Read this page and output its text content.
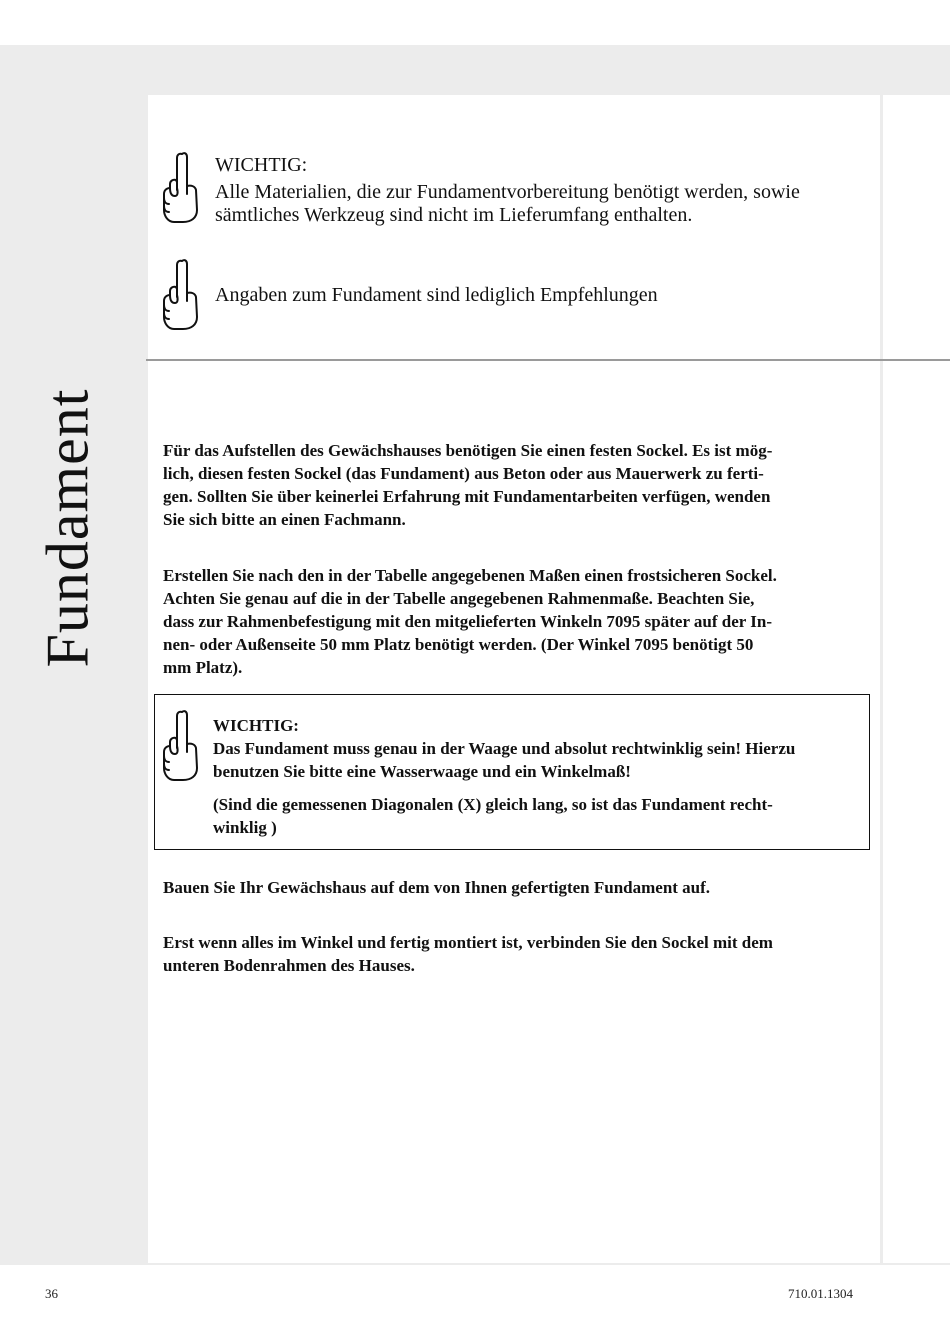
Fundament
WICHTIG:
Alle Materialien, die zur Fundamentvorbereitung benötigt werden, sowie
sämtliches Werkzeug sind nicht im Lieferumfang enthalten.
Angaben zum Fundament sind lediglich Empfehlungen
Für das Aufstellen des Gewächshauses benötigen Sie einen festen Sockel. Es ist mög-
lich, diesen festen Sockel (das Fundament) aus Beton oder aus Mauerwerk zu ferti-
gen. Sollten Sie über keinerlei Erfahrung mit Fundamentarbeiten verfügen, wenden
Sie sich bitte an einen Fachmann.
Erstellen Sie nach den in der Tabelle angegebenen Maßen einen frostsicheren Sockel.
Achten Sie genau auf die in der Tabelle angegebenen Rahmenmaße. Beachten Sie,
dass zur Rahmenbefestigung mit den mitgelieferten Winkeln 7095 später auf der In-
nen- oder Außenseite 50 mm Platz benötigt werden. (Der Winkel 7095 benötigt 50
mm Platz).
WICHTIG:
Das Fundament muss genau in der Waage und absolut rechtwinklig sein! Hierzu
benutzen Sie bitte eine Wasserwaage und ein Winkelmaß!
(Sind die gemessenen Diagonalen (X) gleich lang, so ist das Fundament recht-
winklig )
Bauen Sie Ihr Gewächshaus auf dem von Ihnen gefertigten Fundament auf.
Erst wenn alles im Winkel und fertig montiert ist, verbinden Sie den Sockel mit dem
unteren Bodenrahmen des Hauses.
36	710.01.1304
